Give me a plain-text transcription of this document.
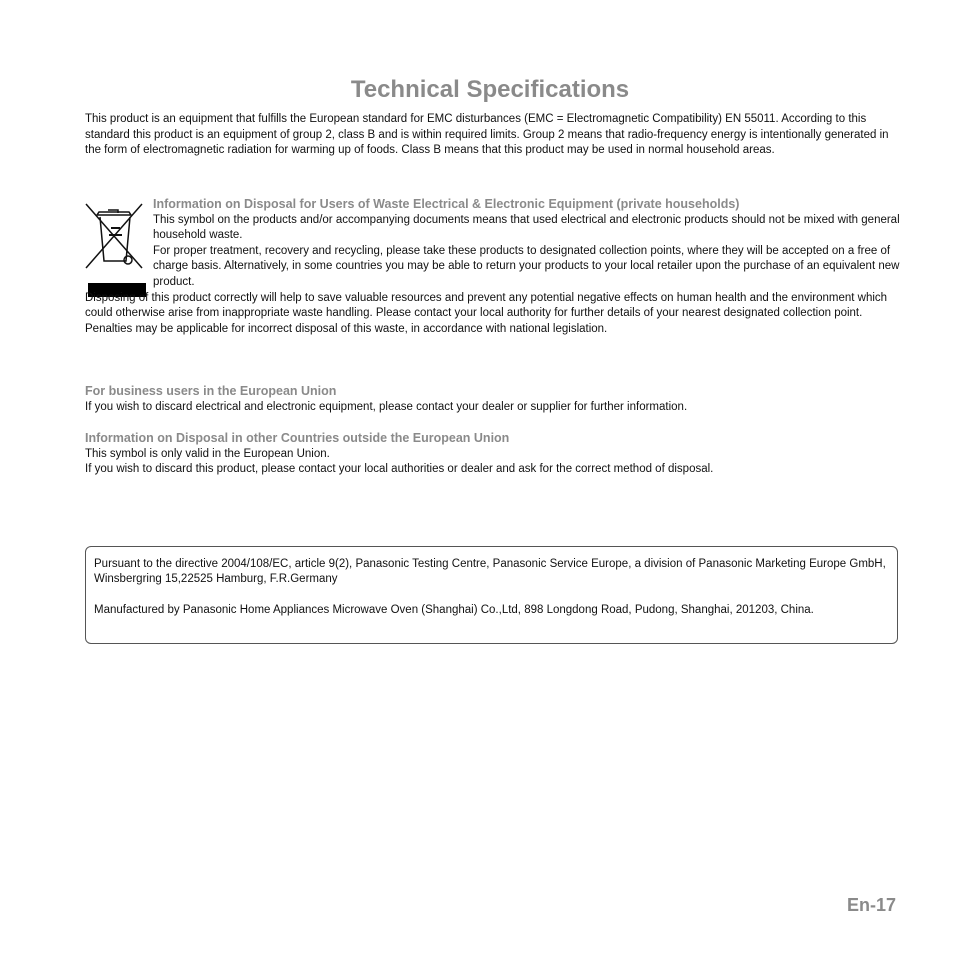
Technical Specifications

This product is an equipment that fulfills the European standard for EMC disturbances (EMC = Electromagnetic Compatibility) EN 55011. According to this standard this product is an equipment of group 2, class B and is within required limits. Group 2 means that radio-frequency energy is intentionally generated in the form of electromagnetic radiation for warming up of foods. Class B means that this product may be used in normal household areas.

Information on Disposal for Users of Waste Electrical & Electronic Equipment (private households)

This symbol on the products and/or accompanying documents means that used electrical and electronic products should not be mixed with general household waste.

For proper treatment, recovery and recycling, please take these products to designated collection points, where they will be accepted on a free of charge basis. Alternatively, in some countries you may be able to return your products to your local retailer upon the purchase of an equivalent new product.

Disposing of this product correctly will help to save valuable resources and prevent any potential negative effects on human health and the environment which could otherwise arise from inappropriate waste handling. Please contact your local authority for further details of your nearest designated collection point.

Penalties may be applicable for incorrect disposal of this waste, in accordance with national legislation.

For business users in the European Union

If you wish to discard electrical and electronic equipment, please contact your dealer or supplier for further information.

Information on Disposal in other Countries outside the European Union

This symbol is only valid in the European Union.

If you wish to discard this product, please contact your local authorities or dealer and ask for the correct method of disposal.

Pursuant to the directive 2004/108/EC, article 9(2), Panasonic Testing Centre, Panasonic Service Europe, a division of Panasonic Marketing Europe GmbH, Winsbergring 15,22525 Hamburg, F.R.Germany

Manufactured by Panasonic Home Appliances Microwave Oven (Shanghai) Co.,Ltd, 898 Longdong Road, Pudong, Shanghai, 201203, China.

En-17
